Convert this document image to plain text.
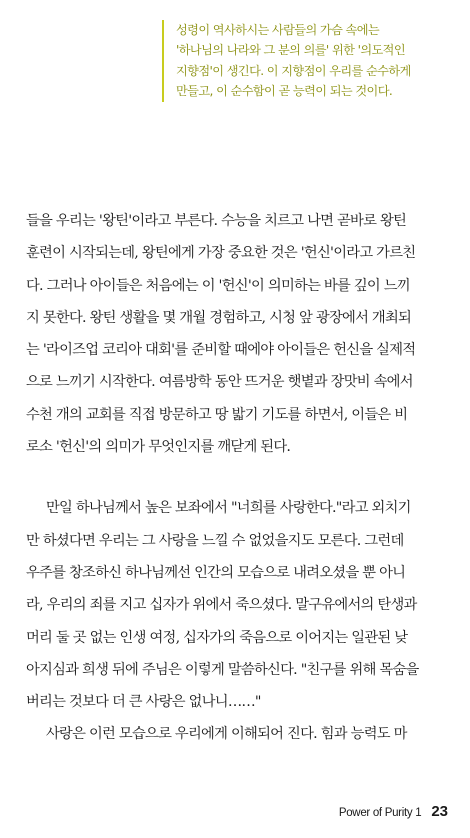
성령이 역사하시는 사람들의 가슴 속에는
'하나님의 나라와 그 분의 의를' 위한 '의도적인
지향점'이 생긴다. 이 지향점이 우리를 순수하게
만들고, 이 순수함이 곧 능력이 되는 것이다.
들을 우리는 '왕틴'이라고 부른다. 수능을 치르고 나면 곧바로 왕틴
훈련이 시작되는데, 왕틴에게 가장 중요한 것은 '헌신'이라고 가르친
다. 그러나 아이들은 처음에는 이 '헌신'이 의미하는 바를 깊이 느끼
지 못한다. 왕틴 생활을 몇 개월 경험하고, 시청 앞 광장에서 개최되
는 '라이즈업 코리아 대회'를 준비할 때에야 아이들은 헌신을 실제적
으로 느끼기 시작한다. 여름방학 동안 뜨거운 햇볕과 장맛비 속에서
수천 개의 교회를 직접 방문하고 땅 밟기 기도를 하면서, 이들은 비
로소 '헌신'의 의미가 무엇인지를 깨닫게 된다.
만일 하나님께서 높은 보좌에서 "너희를 사랑한다."라고 외치기
만 하셨다면 우리는 그 사랑을 느낄 수 없었을지도 모른다. 그런데
우주를 창조하신 하나님께선 인간의 모습으로 내려오셨을 뿐 아니
라, 우리의 죄를 지고 십자가 위에서 죽으셨다. 말구유에서의 탄생과
머리 둘 곳 없는 인생 여정, 십자가의 죽음으로 이어지는 일관된 낮
아지심과 희생 뒤에 주님은 이렇게 말씀하신다. "친구를 위해 목숨을
버리는 것보다 더 큰 사랑은 없나니……"
사랑은 이런 모습으로 우리에게 이해되어 진다. 힘과 능력도 마
Power of Purity 1 23
